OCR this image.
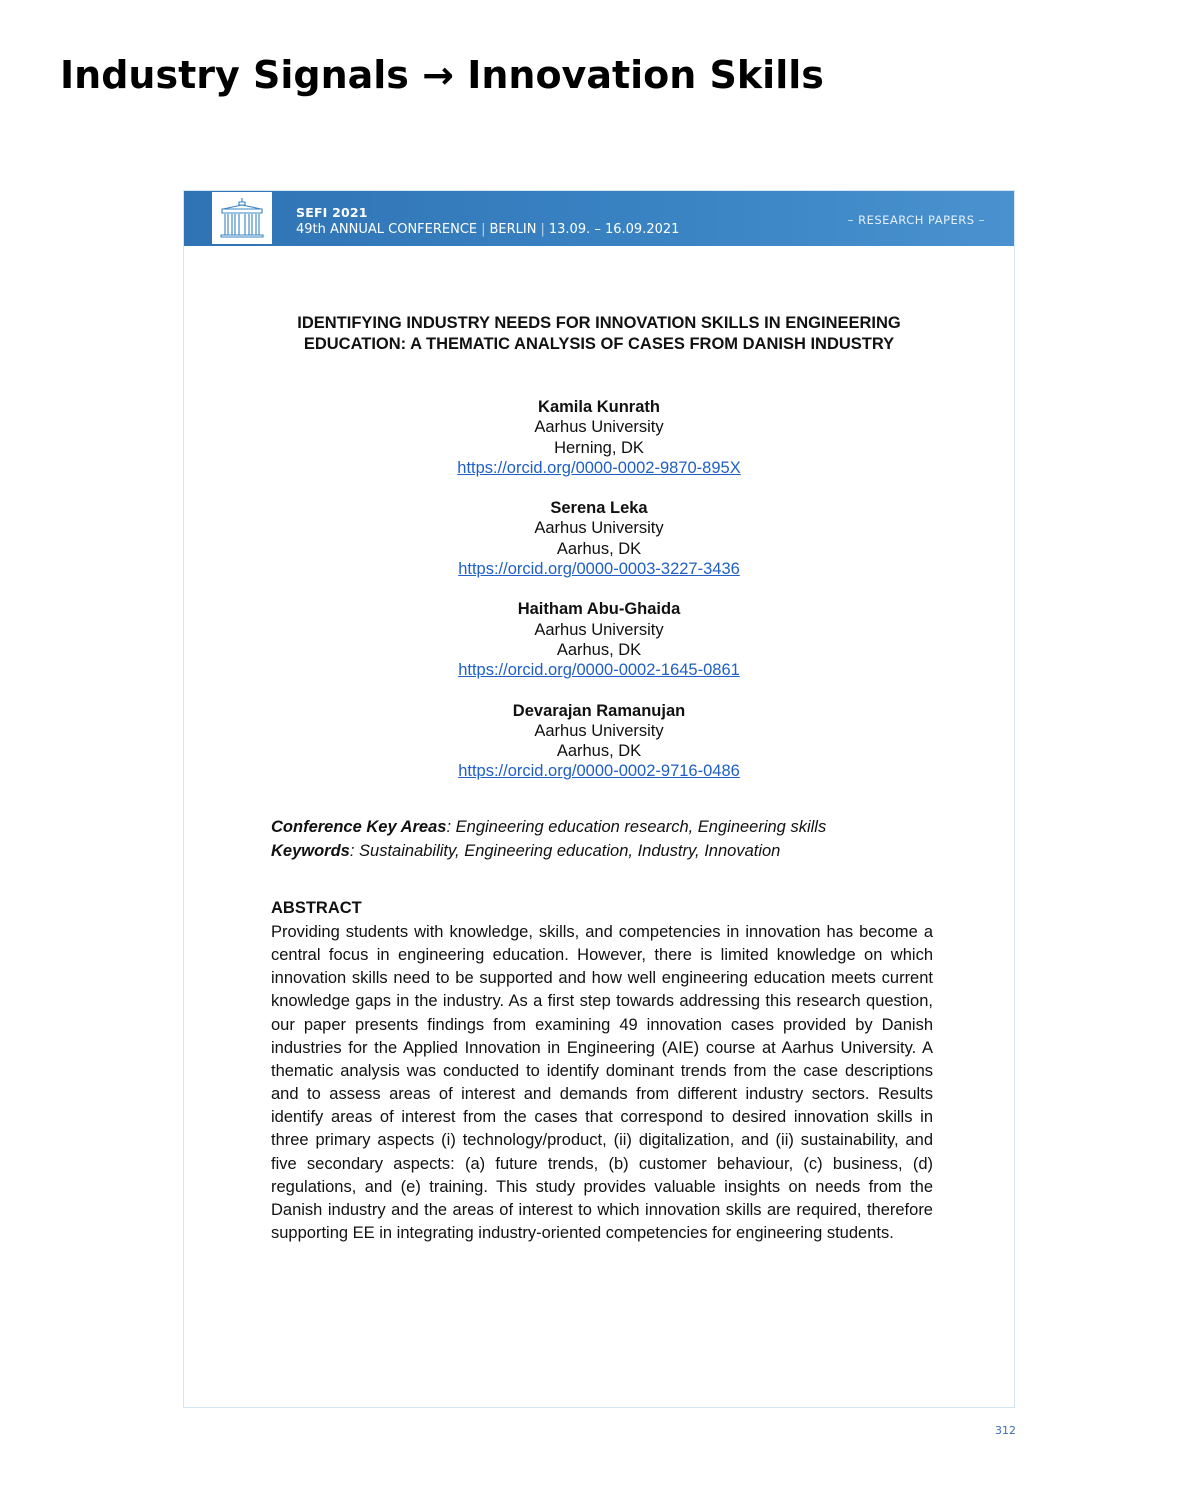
Industry Signals → Innovation Skills
SEFI 2021
49th ANNUAL CONFERENCE | BERLIN | 13.09. – 16.09.2021
– RESEARCH PAPERS –
IDENTIFYING INDUSTRY NEEDS FOR INNOVATION SKILLS IN ENGINEERING
EDUCATION: A THEMATIC ANALYSIS OF CASES FROM DANISH INDUSTRY
Kamila Kunrath
Aarhus University
Herning, DK
https://orcid.org/0000-0002-9870-895X
Serena Leka
Aarhus University
Aarhus, DK
https://orcid.org/0000-0003-3227-3436
Haitham Abu-Ghaida
Aarhus University
Aarhus, DK
https://orcid.org/0000-0002-1645-0861
Devarajan Ramanujan
Aarhus University
Aarhus, DK
https://orcid.org/0000-0002-9716-0486
Conference Key Areas: Engineering education research, Engineering skills
Keywords: Sustainability, Engineering education, Industry, Innovation
ABSTRACT

Providing students with knowledge, skills, and competencies in innovation has become a central focus in engineering education. However, there is limited knowledge on which innovation skills need to be supported and how well engineering education meets current knowledge gaps in the industry. As a first step towards addressing this research question, our paper presents findings from examining 49 innovation cases provided by Danish industries for the Applied Innovation in Engineering (AIE) course at Aarhus University. A thematic analysis was conducted to identify dominant trends from the case descriptions and to assess areas of interest and demands from different industry sectors. Results identify areas of interest from the cases that correspond to desired innovation skills in three primary aspects (i) technology/product, (ii) digitalization, and (ii) sustainability, and five secondary aspects: (a) future trends, (b) customer behaviour, (c) business, (d) regulations, and (e) training. This study provides valuable insights on needs from the Danish industry and the areas of interest to which innovation skills are required, therefore supporting EE in integrating industry-oriented competencies for engineering students.

312
